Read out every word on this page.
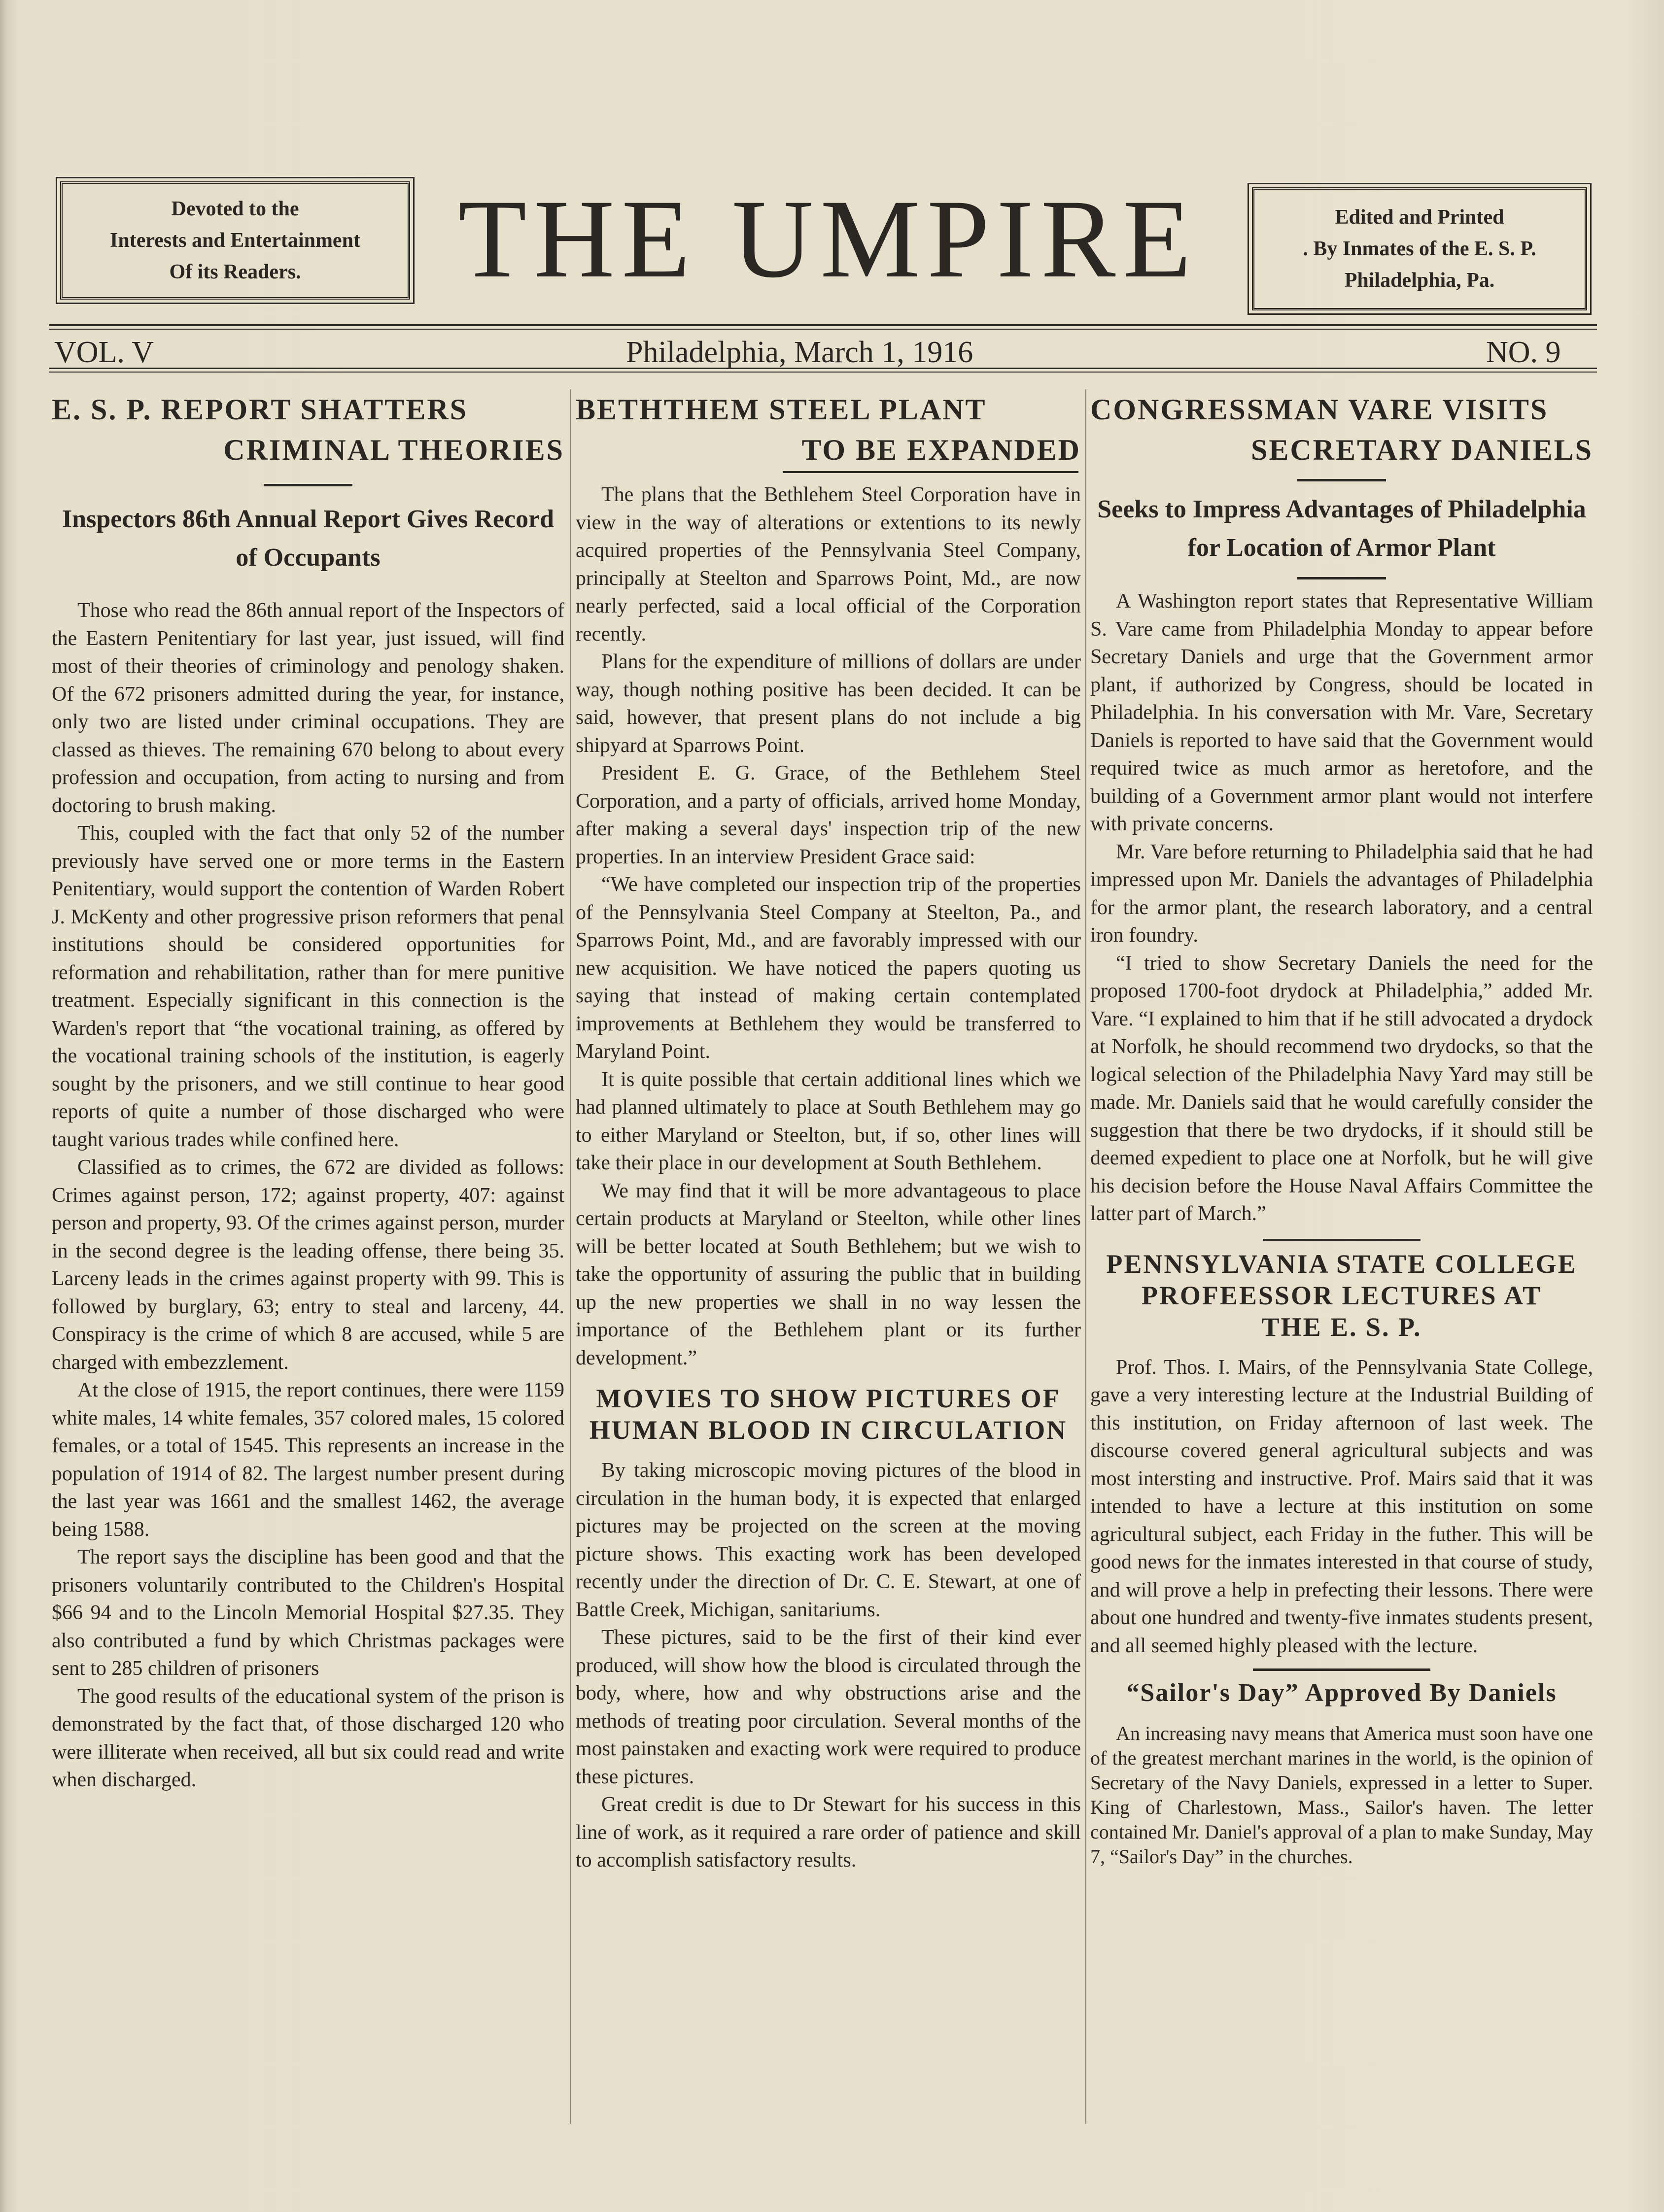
Devoted to the
Interests and Entertainment
Of its Readers.	THE UMPIRE	Edited and Printed
. By Inmates of the E. S. P.
Philadelphia, Pa.
VOL. V	Philadelphia, March 1, 1916	NO. 9
E. S. P. REPORT SHATTERS
CRIMINAL THEORIES
Inspectors 86th Annual Report Gives Record of Occupants

Those who read the 86th annual report of the Inspectors of the Eastern Penitentiary for last year, just issued, will find most of their theories of criminology and penology shaken. Of the 672 prisoners admitted during the year, for instance, only two are listed under criminal occupations. They are classed as thieves. The remaining 670 belong to about every profession and occupation, from acting to nursing and from doctoring to brush making.

This, coupled with the fact that only 52 of the number previously have served one or more terms in the Eastern Penitentiary, would support the contention of Warden Robert J. McKenty and other progressive prison reformers that penal institutions should be considered opportunities for reformation and rehabilitation, rather than for mere punitive treatment. Especially significant in this connection is the Warden's report that “the vocational training, as offered by the vocational training schools of the institution, is eagerly sought by the prisoners, and we still continue to hear good reports of quite a number of those discharged who were taught various trades while confined here.

Classified as to crimes, the 672 are divided as follows: Crimes against person, 172; against property, 407: against person and property, 93. Of the crimes against person, murder in the second degree is the leading offense, there being 35. Larceny leads in the crimes against property with 99. This is followed by burglary, 63; entry to steal and larceny, 44. Conspiracy is the crime of which 8 are accused, while 5 are charged with embezzlement.

At the close of 1915, the report continues, there were 1159 white males, 14 white females, 357 colored males, 15 colored females, or a total of 1545. This represents an increase in the population of 1914 of 82. The largest number present during the last year was 1661 and the smallest 1462, the average being 1588.

The report says the discipline has been good and that the prisoners voluntarily contributed to the Children's Hospital $66 94 and to the Lincoln Memorial Hospital $27.35. They also contributed a fund by which Christmas packages were sent to 285 children of prisoners

The good results of the educational system of the prison is demonstrated by the fact that, of those discharged 120 who were illiterate when received, all but six could read and write when discharged.

BETHTHEM STEEL PLANT
TO BE EXPANDED

The plans that the Bethlehem Steel Corporation have in view in the way of alterations or extentions to its newly acquired properties of the Pennsylvania Steel Company, principally at Steelton and Sparrows Point, Md., are now nearly perfected, said a local official of the Corporation recently.

Plans for the expenditure of millions of dollars are under way, though nothing positive has been decided. It can be said, however, that present plans do not include a big shipyard at Sparrows Point.

President E. G. Grace, of the Bethlehem Steel Corporation, and a party of officials, arrived home Monday, after making a several days' inspection trip of the new properties. In an interview President Grace said:

“We have completed our inspection trip of the properties of the Pennsylvania Steel Company at Steelton, Pa., and Sparrows Point, Md., and are favorably impressed with our new acquisition. We have noticed the papers quoting us saying that instead of making certain contemplated improvements at Bethlehem they would be transferred to Maryland Point.

It is quite possible that certain additional lines which we had planned ultimately to place at South Bethlehem may go to either Maryland or Steelton, but, if so, other lines will take their place in our development at South Bethlehem.

We may find that it will be more advantageous to place certain products at Maryland or Steelton, while other lines will be better located at South Bethlehem; but we wish to take the opportunity of assuring the public that in building up the new properties we shall in no way lessen the importance of the Bethlehem plant or its further development.”

MOVIES TO SHOW PICTURES OF
HUMAN BLOOD IN CIRCULATION

By taking microscopic moving pictures of the blood in circulation in the human body, it is expected that enlarged pictures may be projected on the screen at the moving picture shows. This exacting work has been developed recently under the direction of Dr. C. E. Stewart, at one of Battle Creek, Michigan, sanitariums.

These pictures, said to be the first of their kind ever produced, will show how the blood is circulated through the body, where, how and why obstructions arise and the methods of treating poor circulation. Several months of the most painstaken and exacting work were required to produce these pictures.

Great credit is due to Dr Stewart for his success in this line of work, as it required a rare order of patience and skill to accomplish satisfactory results.

CONGRESSMAN VARE VISITS
SECRETARY DANIELS
Seeks to Impress Advantages of Philadelphia for Location of Armor Plant

A Washington report states that Representative William S. Vare came from Philadelphia Monday to appear before Secretary Daniels and urge that the Government armor plant, if authorized by Congress, should be located in Philadelphia. In his conversation with Mr. Vare, Secretary Daniels is reported to have said that the Government would required twice as much armor as heretofore, and the building of a Government armor plant would not interfere with private concerns.

Mr. Vare before returning to Philadelphia said that he had impressed upon Mr. Daniels the advantages of Philadelphia for the armor plant, the research laboratory, and a central iron foundry.

“I tried to show Secretary Daniels the need for the proposed 1700-foot drydock at Philadelphia,” added Mr. Vare. “I explained to him that if he still advocated a drydock at Norfolk, he should recommend two drydocks, so that the logical selection of the Philadelphia Navy Yard may still be made. Mr. Daniels said that he would carefully consider the suggestion that there be two drydocks, if it should still be deemed expedient to place one at Norfolk, but he will give his decision before the House Naval Affairs Committee the latter part of March.”

PENNSYLVANIA STATE COLLEGE
PROFEESSOR LECTURES AT
THE E. S. P.

Prof. Thos. I. Mairs, of the Pennsylvania State College, gave a very interesting lecture at the Industrial Building of this institution, on Friday afternoon of last week. The discourse covered general agricultural subjects and was most intersting and instructive. Prof. Mairs said that it was intended to have a lecture at this institution on some agricultural subject, each Friday in the futher. This will be good news for the inmates interested in that course of study, and will prove a help in prefecting their lessons. There were about one hundred and twenty-five inmates students present, and all seemed highly pleased with the lecture.

“Sailor's Day” Approved By Daniels

An increasing navy means that America must soon have one of the greatest merchant marines in the world, is the opinion of Secretary of the Navy Daniels, expressed in a letter to Super. King of Charlestown, Mass., Sailor's haven. The letter contained Mr. Daniel's approval of a plan to make Sunday, May 7, “Sailor's Day” in the churches.
